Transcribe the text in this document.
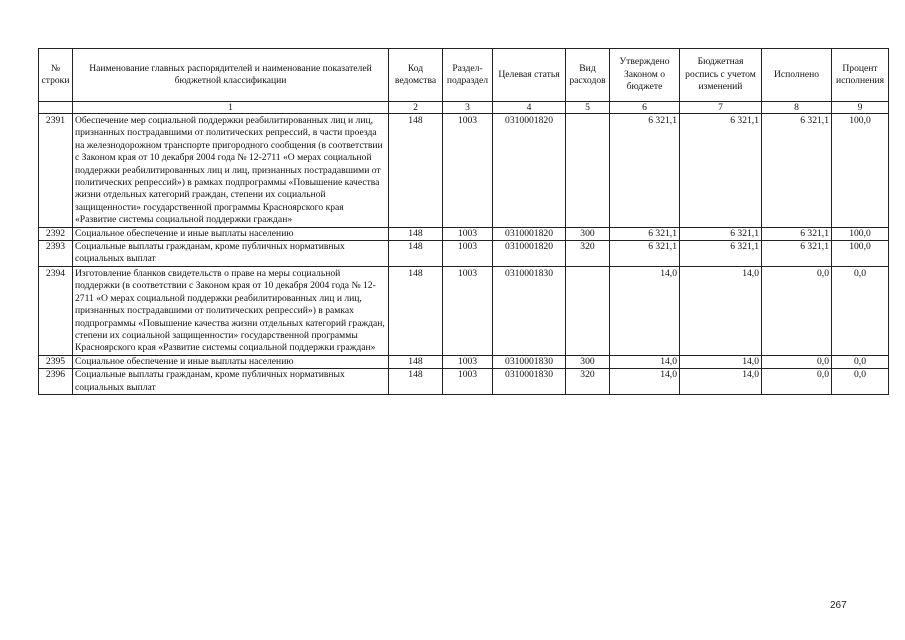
№ строки	Наименование главных распорядителей и наименование показателей бюджетной классификации	Код ведомства	Раздел-подраздел	Целевая статья	Вид расходов	Утверждено Законом о бюджете	Бюджетная роспись с учетом изменений	Исполнено	Процент исполнения
	1	2	3	4	5	6	7	8	9
2391	Обеспечение мер социальной поддержки реабилитированных лиц и лиц, признанных пострадавшими от политических репрессий, в части проезда на железнодорожном транспорте пригородного сообщения (в соответствии с Законом края от 10 декабря 2004 года № 12-2711 «О мерах социальной поддержки реабилитированных лиц и лиц, признанных пострадавшими от политических репрессий») в рамках подпрограммы «Повышение качества жизни отдельных категорий граждан, степени их социальной защищенности» государственной программы Красноярского края «Развитие системы социальной поддержки граждан»	148	1003	0310001820		6 321,1	6 321,1	6 321,1	100,0
2392	Социальное обеспечение и иные выплаты населению	148	1003	0310001820	300	6 321,1	6 321,1	6 321,1	100,0
2393	Социальные выплаты гражданам, кроме публичных нормативных социальных выплат	148	1003	0310001820	320	6 321,1	6 321,1	6 321,1	100,0
2394	Изготовление бланков свидетельств о праве на меры социальной поддержки (в соответствии с Законом края от 10 декабря 2004 года № 12-2711 «О мерах социальной поддержки реабилитированных лиц и лиц, признанных пострадавшими от политических репрессий») в рамках подпрограммы «Повышение качества жизни отдельных категорий граждан, степени их социальной защищенности» государственной программы Красноярского края «Развитие системы социальной поддержки граждан»	148	1003	0310001830		14,0	14,0	0,0	0,0
2395	Социальное обеспечение и иные выплаты населению	148	1003	0310001830	300	14,0	14,0	0,0	0,0
2396	Социальные выплаты гражданам, кроме публичных нормативных социальных выплат	148	1003	0310001830	320	14,0	14,0	0,0	0,0
267
